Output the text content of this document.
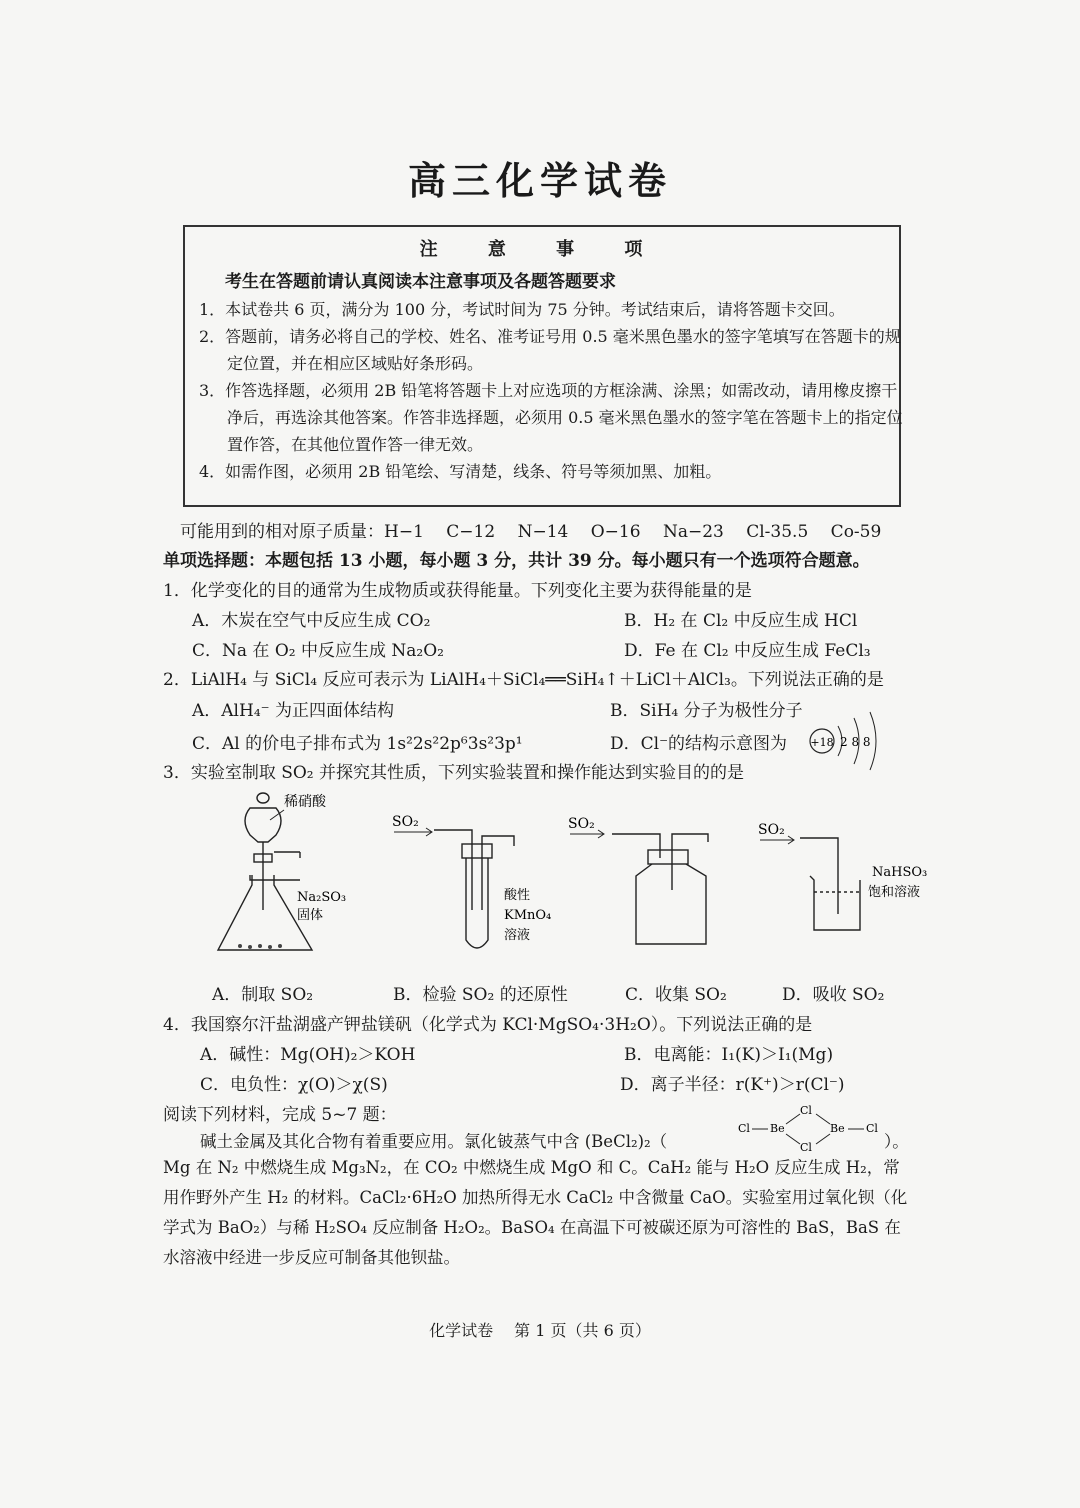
高三化学试卷
注 意 事 项
考生在答题前请认真阅读本注意事项及各题答题要求
1．本试卷共 6 页，满分为 100 分，考试时间为 75 分钟。考试结束后，请将答题卡交回。
2．答题前，请务必将自己的学校、姓名、准考证号用 0.5 毫米黑色墨水的签字笔填写在答题卡的规定位置，并在相应区域贴好条形码。
3．作答选择题，必须用 2B 铅笔将答题卡上对应选项的方框涂满、涂黑；如需改动，请用橡皮擦干净后，再选涂其他答案。作答非选择题，必须用 0.5 毫米黑色墨水的签字笔在答题卡上的指定位置作答，在其他位置作答一律无效。
4．如需作图，必须用 2B 铅笔绘、写清楚，线条、符号等须加黑、加粗。
可能用到的相对原子质量：H−1　 C−12　 N−14　 O−16　 Na−23　 Cl-35.5　 Co-59
单项选择题：本题包括 13 小题，每小题 3 分，共计 39 分。每小题只有一个选项符合题意。
1．化学变化的目的通常为生成物质或获得能量。下列变化主要为获得能量的是
A．木炭在空气中反应生成 CO₂	B．H₂ 在 Cl₂ 中反应生成 HCl
C．Na 在 O₂ 中反应生成 Na₂O₂	D．Fe 在 Cl₂ 中反应生成 FeCl₃
2．LiAlH₄ 与 SiCl₄ 反应可表示为 LiAlH₄＋SiCl₄══SiH₄↑＋LiCl＋AlCl₃。下列说法正确的是
A．AlH₄⁻ 为正四面体结构	B．SiH₄ 分子为极性分子
C．Al 的价电子排布式为 1s²2s²2p⁶3s²3p¹	D．Cl⁻的结构示意图为 +18 2 8 8
3．实验室制取 SO₂ 并探究其性质，下列实验装置和操作能达到实验目的的是
稀硝酸
Na₂SO₃
固体
SO₂
酸性
KMnO₄
溶液
SO₂	SO₂
NaHSO₃
饱和溶液
A．制取 SO₂	B．检验 SO₂ 的还原性	C．收集 SO₂	D．吸收 SO₂
4．我国察尔汗盐湖盛产钾盐镁矾（化学式为 KCl·MgSO₄·3H₂O）。下列说法正确的是
A．碱性：Mg(OH)₂＞KOH	B．电离能：I₁(K)＞I₁(Mg)
C．电负性：χ(O)＞χ(S)	D．离子半径：r(K⁺)＞r(Cl⁻)
阅读下列材料，完成 5~7 题：
碱土金属及其化合物有着重要应用。氯化铍蒸气中含 (BeCl₂)₂（
Cl Be
Cl
Cl
Be Cl
）。
Mg 在 N₂ 中燃烧生成 Mg₃N₂，在 CO₂ 中燃烧生成 MgO 和 C。CaH₂ 能与 H₂O 反应生成 H₂，常用作野外产生 H₂ 的材料。CaCl₂·6H₂O 加热所得无水 CaCl₂ 中含微量 CaO。实验室用过氧化钡（化学式为 BaO₂）与稀 H₂SO₄ 反应制备 H₂O₂。BaSO₄ 在高温下可被碳还原为可溶性的 BaS，BaS 在水溶液中经进一步反应可制备其他钡盐。
化学试卷　 第 1 页（共 6 页）
